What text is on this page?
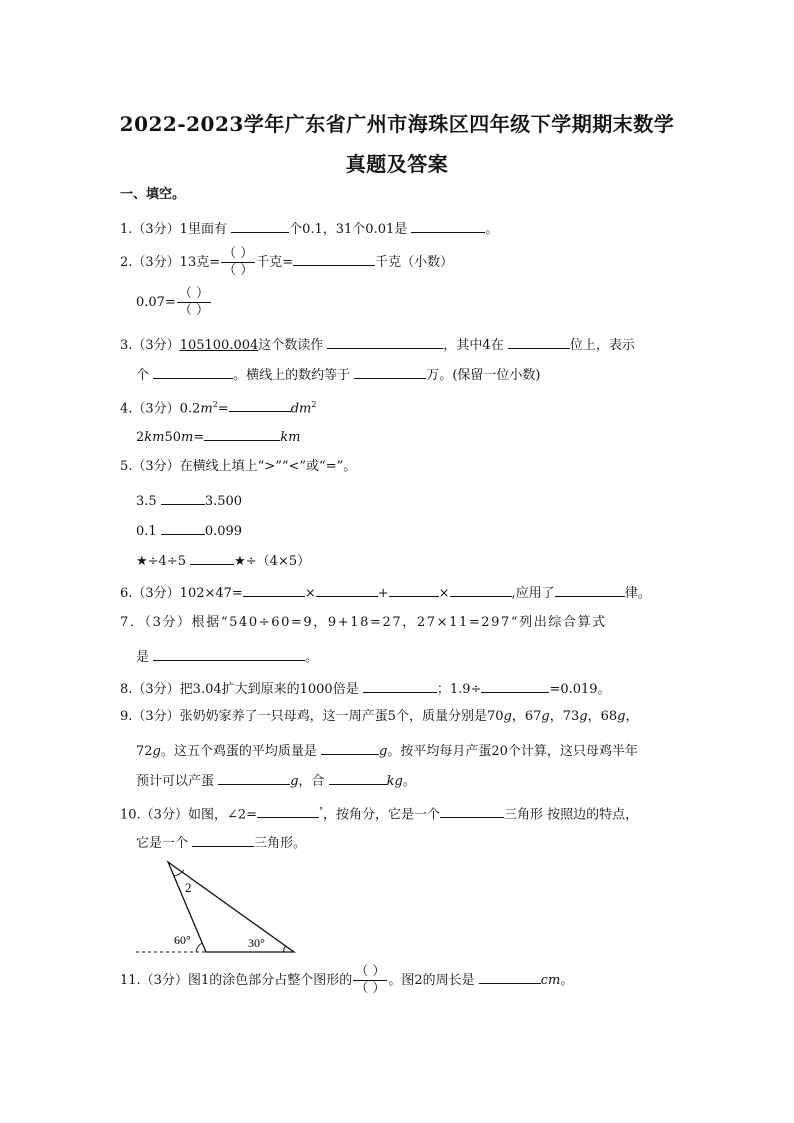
2022-2023学年广东省广州市海珠区四年级下学期期末数学
真题及答案
一、填空。
1.（3分）1里面有	个0.1，31个0.01是	。
2.（3分）13克= $\frac{( )}{( )}$ 千克=	千克（小数）
$0.07= \frac{( )}{( )}$
3.（3分）105100.004这个数读作	，其中4在	位上，表示
个	。横线上的数约等于	万。(保留一位小数)
4.（3分）$0.2m^2=$	$dm^2$
2km50m=	km
5.（3分）在横线上填上“>”“<”或“=”。
3.5	3.500
0.1	0.099
★÷4÷5	★÷（4×5）
6.（3分）102×47=	×	+	×	,应用了	律。
7．（3分）根据“540÷60=9，9+18=27，27×11=297“列出综合算式
是	。
8.（3分）把3.04扩大到原来的1000倍是	；1.9÷	=0.019。
9.（3分）张奶奶家养了一只母鸡，这一周产蛋5个，质量分别是70g，67g，73g，68g，
72g。这五个鸡蛋的平均质量是	g。按平均每月产蛋20个计算，这只母鸡半年
预计可以产蛋	g，合	kg。
10.（3分）如图，∠2=	°，按角分，它是一个	三角形 按照边的特点，
它是一个	三角形。
2
60°	30°
11.（3分）图1的涂色部分占整个图形的 $\frac{( )}{( )}$ 。图2的周长是	cm。
